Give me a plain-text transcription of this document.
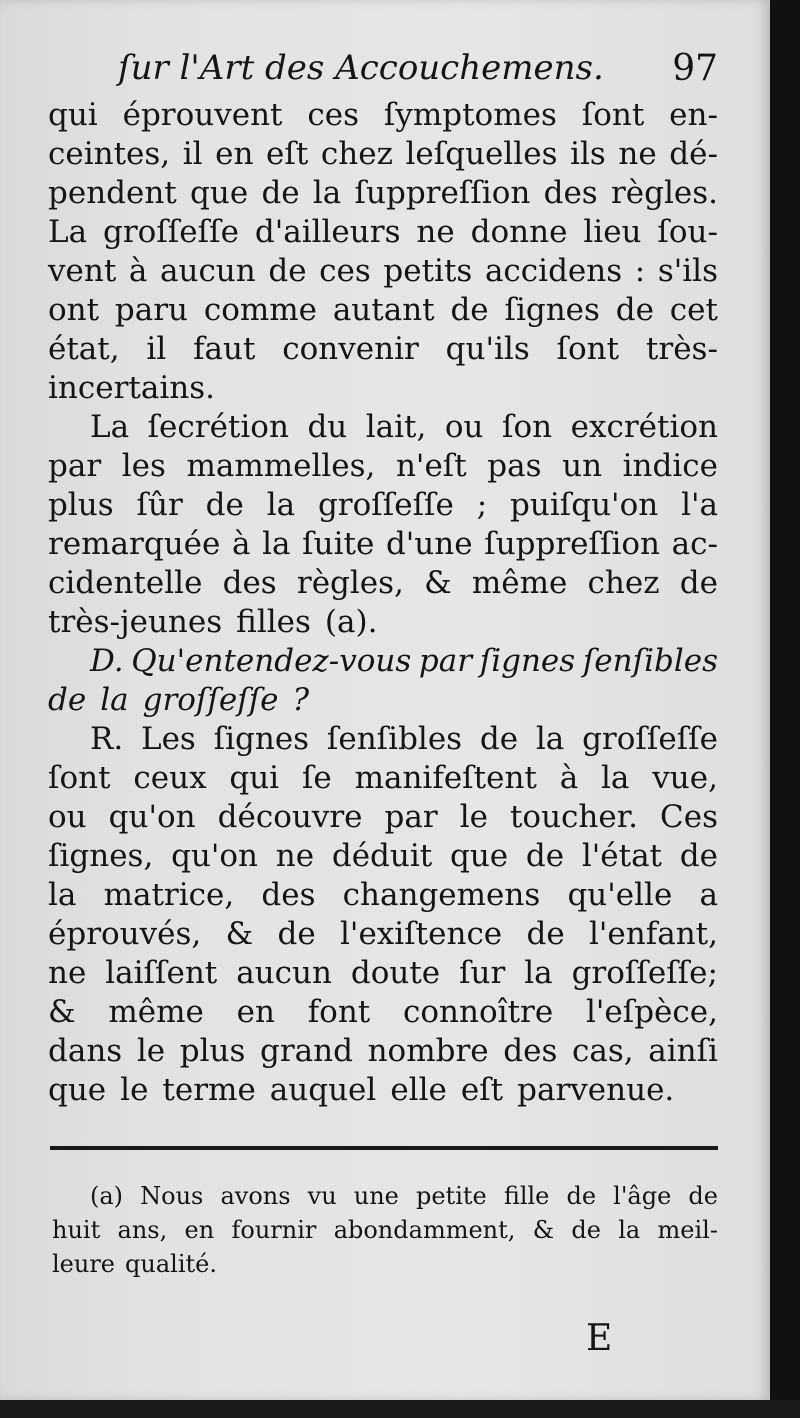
ſur l'Art des Accouchemens. 97
qui éprouvent ces ſymptomes ſont en-
ceintes, il en eſt chez leſquelles ils ne dé-
pendent que de la ſuppreſſion des règles.
La groſſeſſe d'ailleurs ne donne lieu ſou-
vent à aucun de ces petits accidens : s'ils
ont paru comme autant de ſignes de cet
état, il faut convenir qu'ils ſont très-
incertains.
La ſecrétion du lait, ou ſon excrétion
par les mammelles, n'eſt pas un indice
plus ſûr de la groſſeſſe ; puiſqu'on l'a
remarquée à la ſuite d'une ſuppreſſion ac-
cidentelle des règles, & même chez de
très-jeunes filles (a).
D. Qu'entendez-vous par ſignes ſenſibles
de la groſſeſſe ?
R. Les ſignes ſenſibles de la groſſeſſe
ſont ceux qui ſe manifeſtent à la vue,
ou qu'on découvre par le toucher. Ces
ſignes, qu'on ne déduit que de l'état de
la matrice, des changemens qu'elle a
éprouvés, & de l'exiſtence de l'enfant,
ne laiſſent aucun doute ſur la groſſeſſe;
& même en font connoître l'eſpèce,
dans le plus grand nombre des cas, ainſi
que le terme auquel elle eſt parvenue.
(a) Nous avons vu une petite fille de l'âge de
huit ans, en fournir abondamment, & de la meil-
leure qualité.
E
